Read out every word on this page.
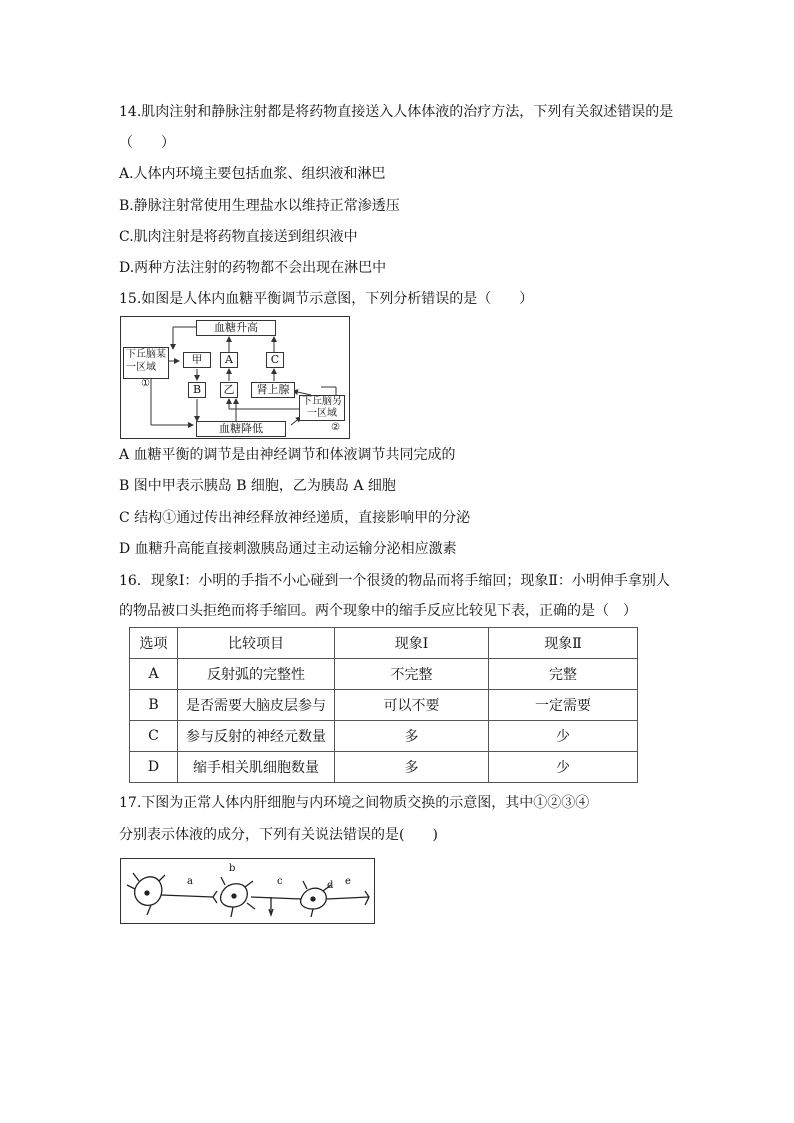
14.肌肉注射和静脉注射都是将药物直接送入人体体液的治疗方法，下列有关叙述错误的是
（　　）
A.人体内环境主要包括血浆、组织液和淋巴
B.静脉注射常使用生理盐水以维持正常渗透压
C.肌肉注射是将药物直接送到组织液中
D.两种方法注射的药物都不会出现在淋巴中
15.如图是人体内血糖平衡调节示意图，下列分析错误的是（　　）
血糖升高
下丘脑某
一区域
①
甲	A	C
B	乙	肾上腺
下丘脑另
一区域
血糖降低	②
A 血糖平衡的调节是由神经调节和体液调节共同完成的
B 图中甲表示胰岛 B 细胞，乙为胰岛 A 细胞
C 结构①通过传出神经释放神经递质，直接影响甲的分泌
D 血糖升高能直接刺激胰岛通过主动运输分泌相应激素
16．现象Ⅰ：小明的手指不小心碰到一个很烫的物品而将手缩回；现象Ⅱ：小明伸手拿别人
的物品被口头拒绝而将手缩回。两个现象中的缩手反应比较见下表，正确的是（　）
选项	比较项目	现象Ⅰ	现象Ⅱ
A	反射弧的完整性	不完整	完整
B	是否需要大脑皮层参与	可以不要	一定需要
C	参与反射的神经元数量	多	少
D	缩手相关肌细胞数量	多	少
17.下图为正常人体内肝细胞与内环境之间物质交换的示意图，其中①②③④
分别表示体液的成分，下列有关说法错误的是(　　)
a
b
c	d e
